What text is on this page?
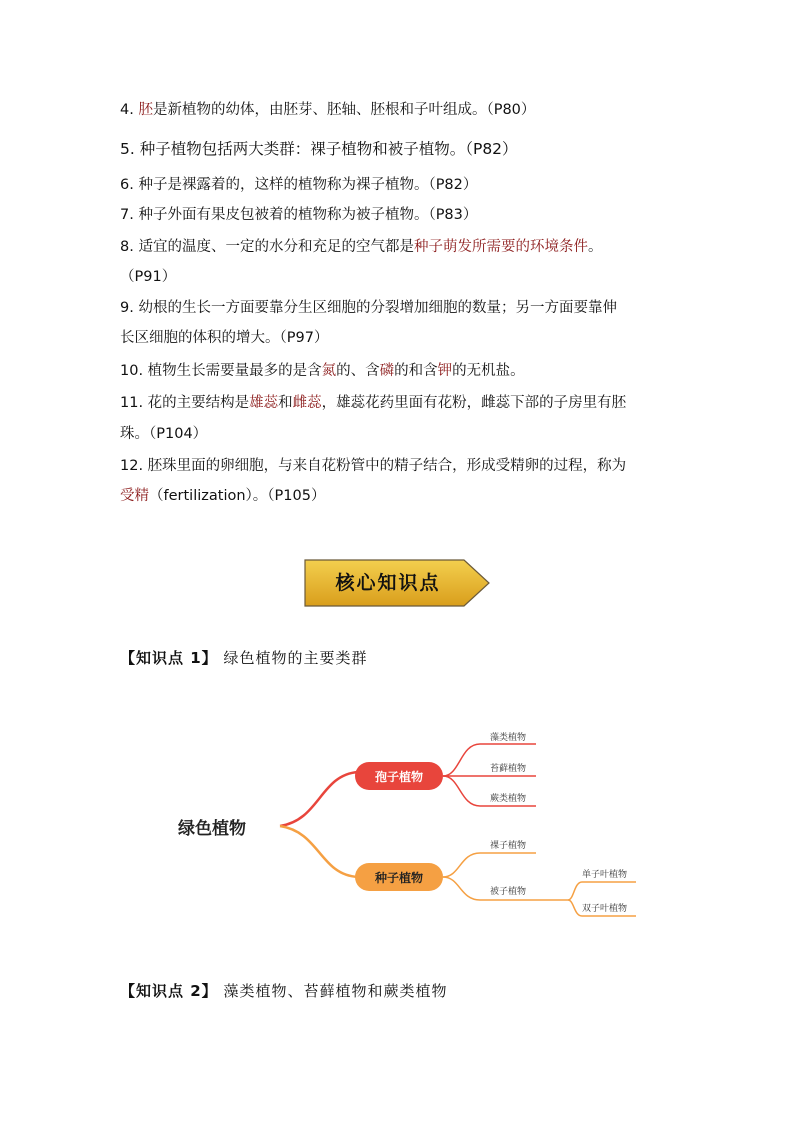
4. 胚是新植物的幼体，由胚芽、胚轴、胚根和子叶组成。（P80）
5. 种子植物包括两大类群：裸子植物和被子植物。（P82）
6. 种子是裸露着的，这样的植物称为裸子植物。（P82）
7. 种子外面有果皮包被着的植物称为被子植物。（P83）
8. 适宜的温度、一定的水分和充足的空气都是种子萌发所需要的环境条件。
（P91）
9. 幼根的生长一方面要靠分生区细胞的分裂增加细胞的数量；另一方面要靠伸
长区细胞的体积的增大。（P97）
10. 植物生长需要量最多的是含氮的、含磷的和含钾的无机盐。
11. 花的主要结构是雄蕊和雌蕊，雄蕊花药里面有花粉，雌蕊下部的子房里有胚
珠。（P104）
12. 胚珠里面的卵细胞，与来自花粉管中的精子结合，形成受精卵的过程，称为
受精（fertilization）。（P105）
核心知识点
【知识点 1】 绿色植物的主要类群
绿色植物
孢子植物
藻类植物
苔藓植物
蕨类植物
种子植物
裸子植物
被子植物
单子叶植物
双子叶植物
【知识点 2】 藻类植物、苔藓植物和蕨类植物
